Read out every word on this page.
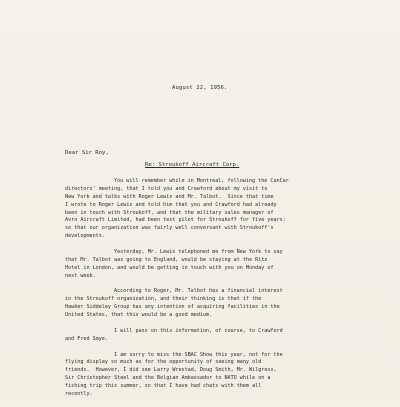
August 22, 1956.
Dear Sir Roy,
Re: Stroukoff Aircraft Corp.
You will remember while in Montreal, following the CanCar
directors' meeting, that I told you and Crawford about my visit to
New York and talks with Roger Lewis and Mr. Talbot.  Since that time
I wrote to Roger Lewis and told him that you and Crawford had already
been in touch with Stroukoff, and that the military sales manager of
Avro Aircraft Limited, had been test pilot for Stroukoff for five years:
so that our organization was fairly well conversant with Stroukoff's
developments.
Yesterday, Mr. Lewis telephoned me from New York to say
that Mr. Talbot was going to England, would be staying at the Ritz
Hotel in London, and would be getting in touch with you on Monday of
next week.
According to Roger, Mr. Talbot has a financial interest
in the Stroukoff organization, and their thinking is that if the
Hawker Siddeley Group has any intention of acquiring facilities in the
United States, that this would be a good medium.
I will pass on this information, of course, to Crawford
and Fred Smye.
I am sorry to miss the SBAC Show this year, not for the
flying display so much as for the opportunity of seeing many old
friends.  However, I did see Larry Wrestad, Doug Smith, Mr. Wilgress,
Sir Christopher Steel and the Belgian Ambassador to NATO while on a
fishing trip this summer, so that I have had chats with them all
recently.
